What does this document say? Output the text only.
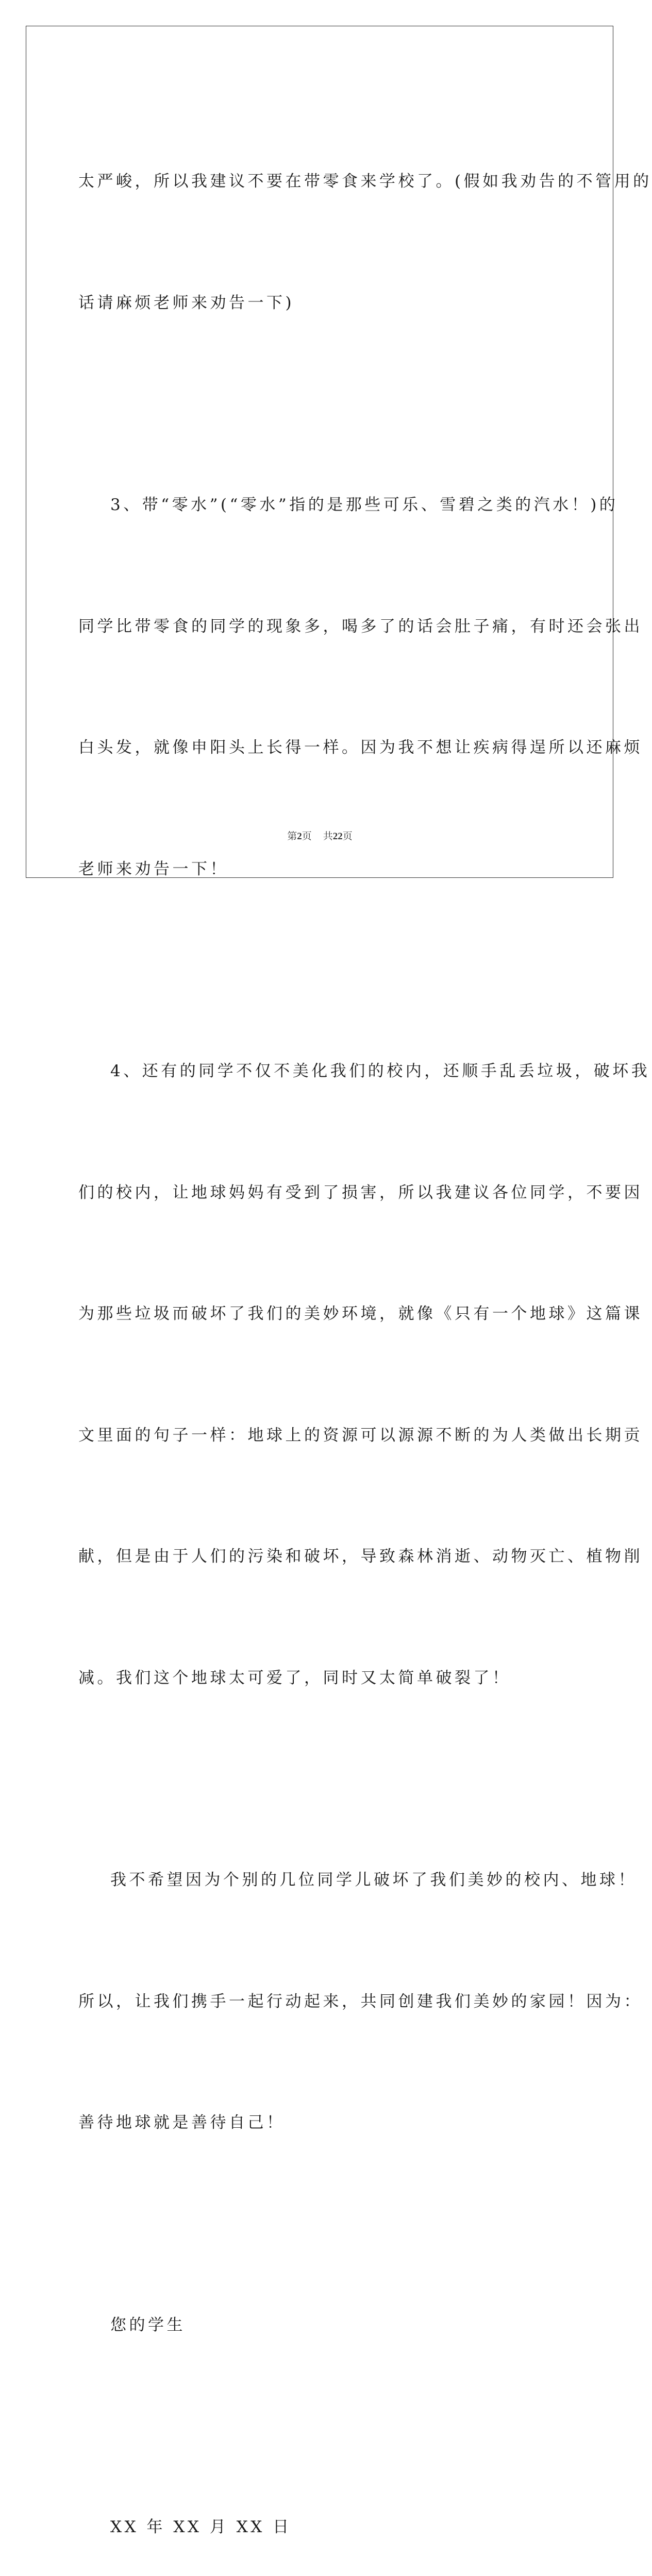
太严峻，所以我建议不要在带零食来学校了。(假如我劝告的不管用的

话请麻烦老师来劝告一下)

3、带“零水”(“零水”指的是那些可乐、雪碧之类的汽水！)的

同学比带零食的同学的现象多，喝多了的话会肚子痛，有时还会张出

白头发，就像申阳头上长得一样。因为我不想让疾病得逞所以还麻烦

老师来劝告一下！

4、还有的同学不仅不美化我们的校内，还顺手乱丢垃圾，破坏我

们的校内，让地球妈妈有受到了损害，所以我建议各位同学，不要因

为那些垃圾而破坏了我们的美妙环境，就像《只有一个地球》这篇课

文里面的句子一样：地球上的资源可以源源不断的为人类做出长期贡

献，但是由于人们的污染和破坏，导致森林消逝、动物灭亡、植物削

减。我们这个地球太可爱了，同时又太简单破裂了！

我不希望因为个别的几位同学儿破坏了我们美妙的校内、地球！

所以，让我们携手一起行动起来，共同创建我们美妙的家园！因为：

善待地球就是善待自己！

您的学生

XX 年 XX 月 XX 日

第2页 共22页
